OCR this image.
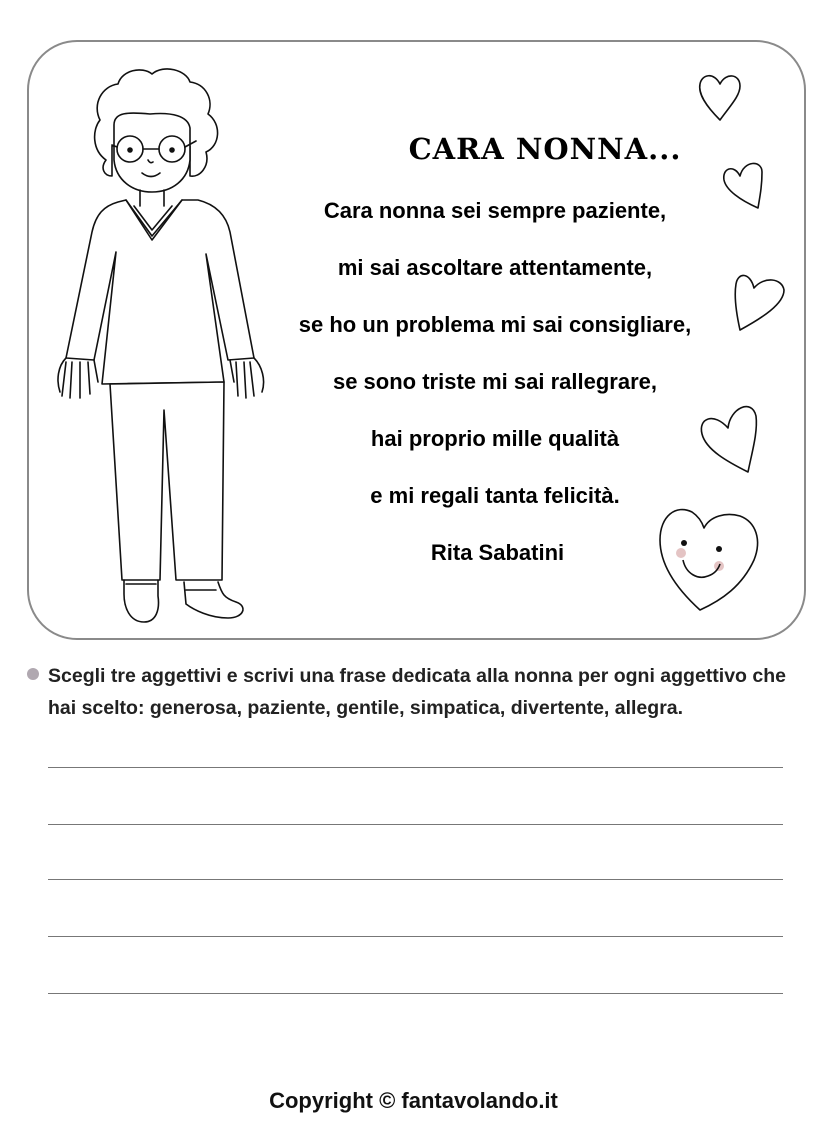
CARA NONNA...
Cara nonna sei sempre paziente,
mi sai ascoltare attentamente,
se ho un problema mi sai consigliare,
se sono triste mi sai rallegrare,
hai proprio mille qualità
e mi regali tanta felicità.
Rita Sabatini
Scegli tre aggettivi e scrivi una frase dedicata alla nonna per ogni aggettivo che hai scelto: generosa, paziente, gentile, simpatica, divertente, allegra.
Copyright © fantavolando.it
